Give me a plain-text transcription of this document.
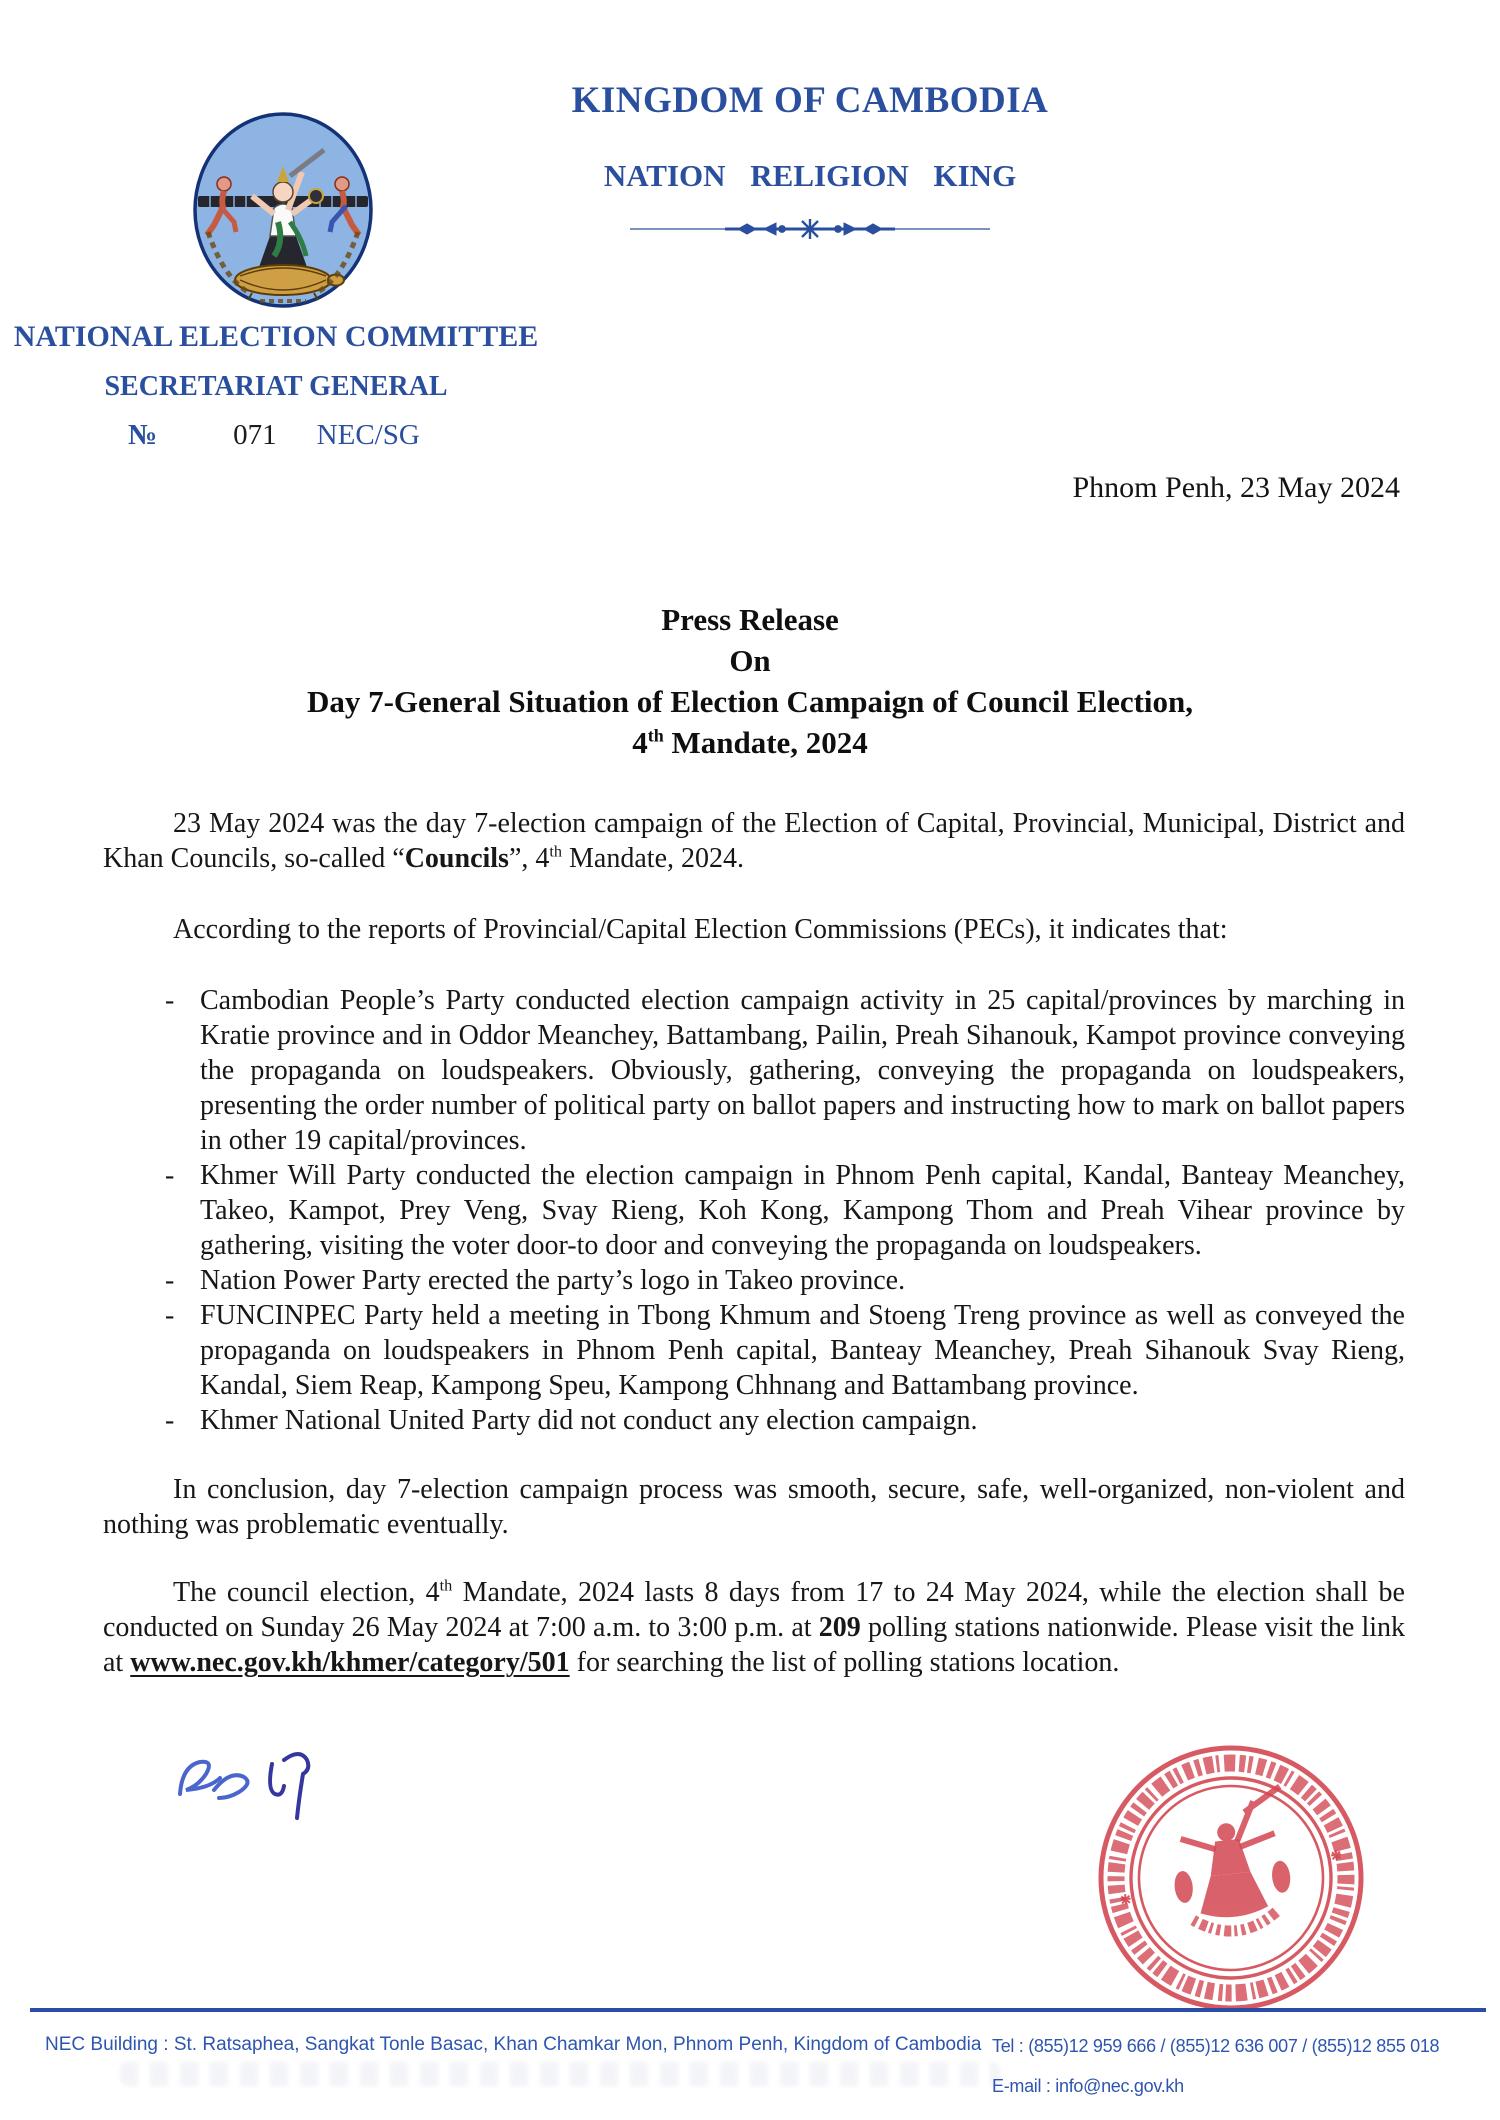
KINGDOM OF CAMBODIA
NATION RELIGION KING
NATIONAL ELECTION COMMITTEE
SECRETARIAT GENERAL
№	071 NEC/SG
Phnom Penh, 23 May 2024
Press Release
On
Day 7-General Situation of Election Campaign of Council Election,
4th Mandate, 2024

23 May 2024 was the day 7-election campaign of the Election of Capital, Provincial, Municipal, District and Khan Councils, so-called “Councils”, 4th Mandate, 2024.

According to the reports of Provincial/Capital Election Commissions (PECs), it indicates that:

- Cambodian People’s Party conducted election campaign activity in 25 capital/provinces by marching in Kratie province and in Oddor Meanchey, Battambang, Pailin, Preah Sihanouk, Kampot province conveying the propaganda on loudspeakers. Obviously, gathering, conveying the propaganda on loudspeakers, presenting the order number of political party on ballot papers and instructing how to mark on ballot papers in other 19 capital/provinces.
- Khmer Will Party conducted the election campaign in Phnom Penh capital, Kandal, Banteay Meanchey, Takeo, Kampot, Prey Veng, Svay Rieng, Koh Kong, Kampong Thom and Preah Vihear province by gathering, visiting the voter door-to door and conveying the propaganda on loudspeakers.
- Nation Power Party erected the party’s logo in Takeo province.
- FUNCINPEC Party held a meeting in Tbong Khmum and Stoeng Treng province as well as conveyed the propaganda on loudspeakers in Phnom Penh capital, Banteay Meanchey, Preah Sihanouk Svay Rieng, Kandal, Siem Reap, Kampong Speu, Kampong Chhnang and Battambang province.
- Khmer National United Party did not conduct any election campaign.

In conclusion, day 7-election campaign process was smooth, secure, safe, well-organized, non-violent and nothing was problematic eventually.

The council election, 4th Mandate, 2024 lasts 8 days from 17 to 24 May 2024, while the election shall be conducted on Sunday 26 May 2024 at 7:00 a.m. to 3:00 p.m. at 209 polling stations nationwide. Please visit the link at www.nec.gov.kh/khmer/category/501 for searching the list of polling stations location.

NEC Building : St. Ratsaphea, Sangkat Tonle Basac, Khan Chamkar Mon, Phnom Penh, Kingdom of Cambodia Tel : (855)12 959 666 / (855)12 636 007 / (855)12 855 018
E-mail : info@nec.gov.kh
